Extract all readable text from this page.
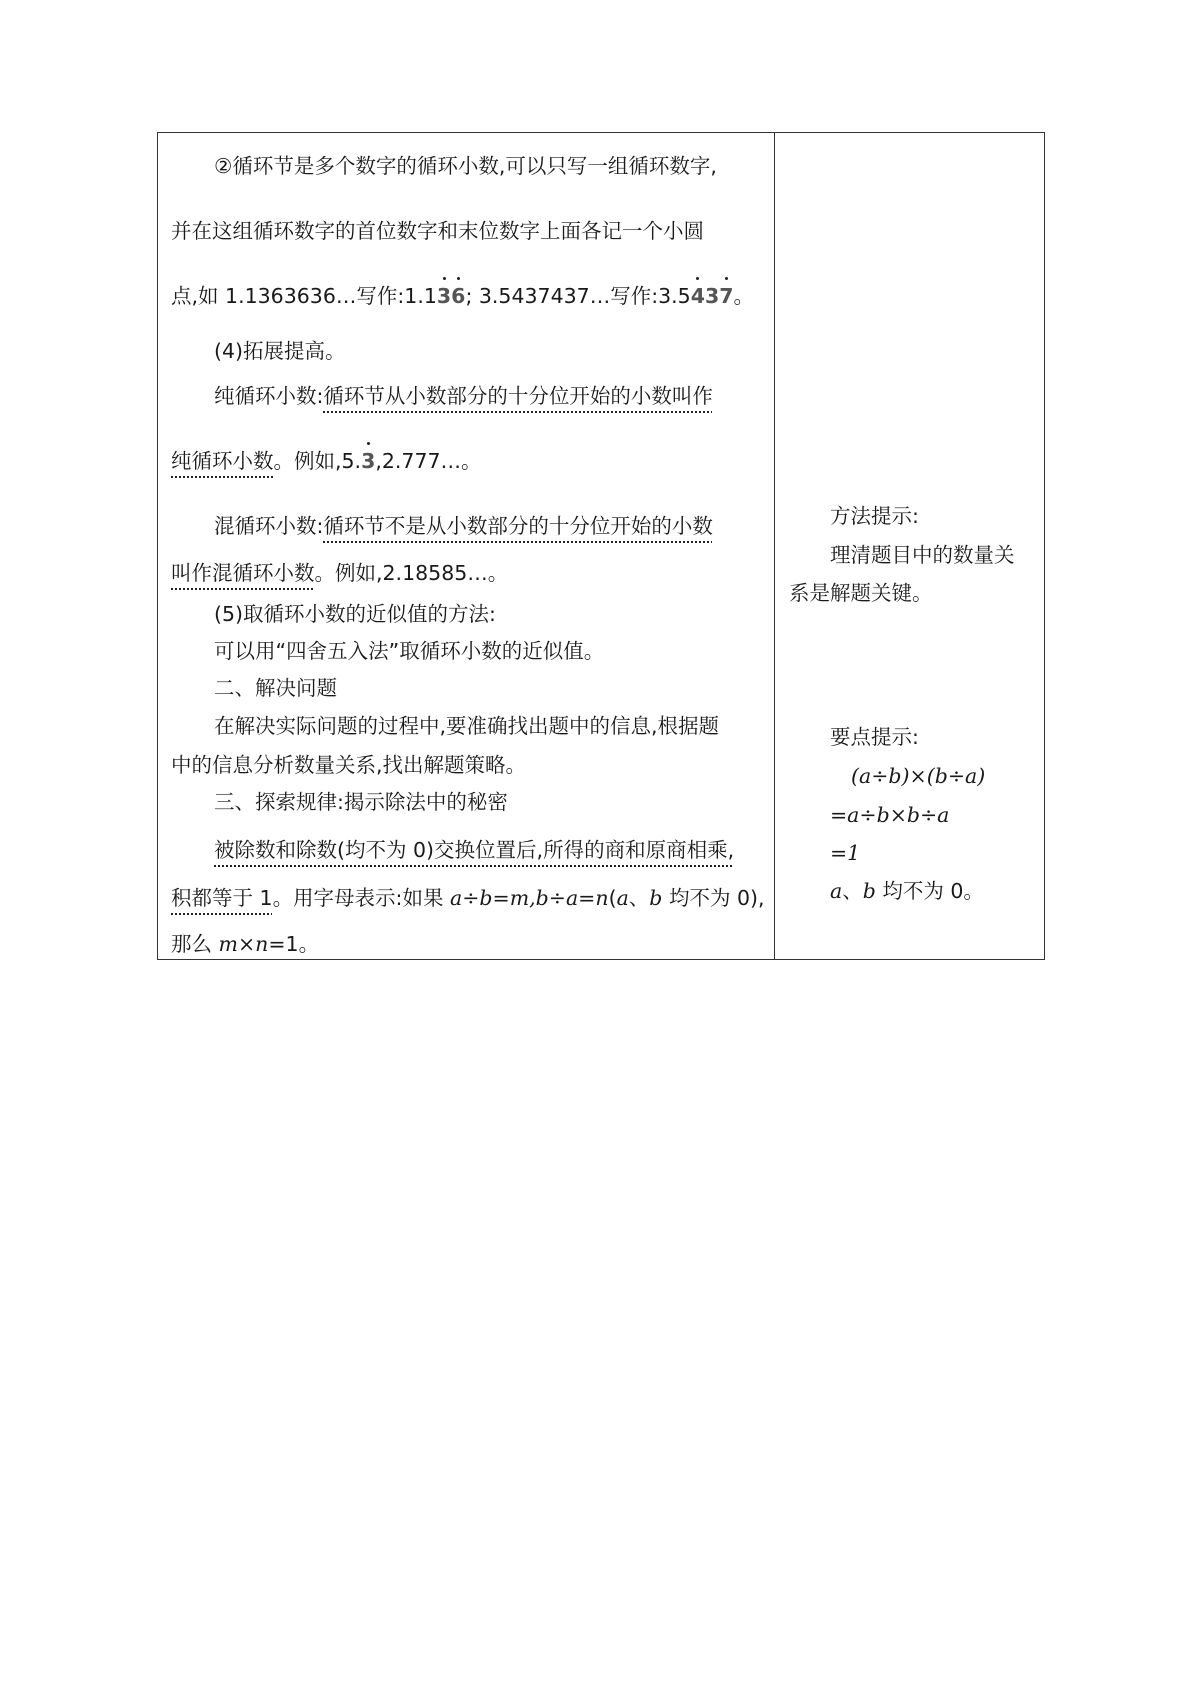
②循环节是多个数字的循环小数,可以只写一组循环数字,
并在这组循环数字的首位数字和末位数字上面各记一个小圆
点,如 1.1363636…写作:1.136; 3.5437437…写作:3.5437。
(4)拓展提高。
纯循环小数:循环节从小数部分的十分位开始的小数叫作
纯循环小数。例如,5.3,2.777…。
混循环小数:循环节不是从小数部分的十分位开始的小数
叫作混循环小数。例如,2.18585…。
(5)取循环小数的近似值的方法:
可以用“四舍五入法”取循环小数的近似值。
二、解决问题
在解决实际问题的过程中,要准确找出题中的信息,根据题
中的信息分析数量关系,找出解题策略。
三、探索规律:揭示除法中的秘密
被除数和除数(均不为 0)交换位置后,所得的商和原商相乘,
积都等于 1。用字母表示:如果 a÷b=m,b÷a=n(a、b 均不为 0),
那么 m×n=1。
方法提示:
理清题目中的数量关
系是解题关键。
要点提示:
(a÷b)×(b÷a)
=a÷b×b÷a
=1
a、b 均不为 0。
